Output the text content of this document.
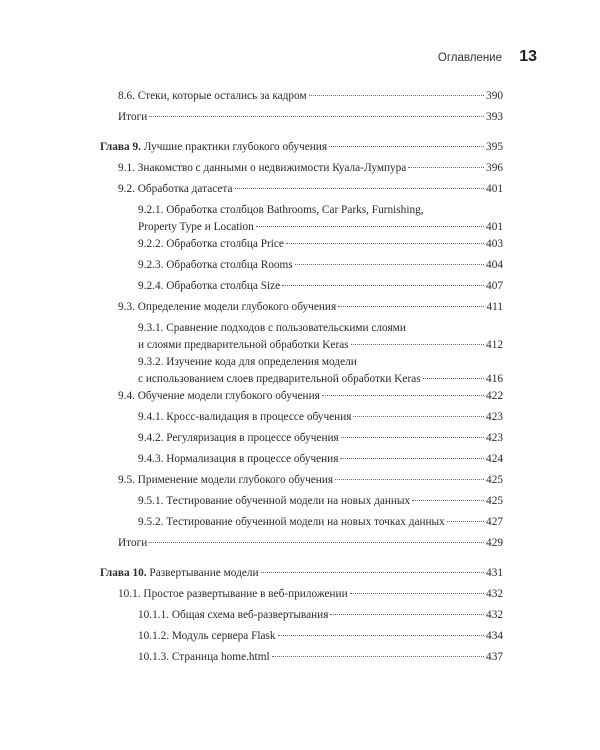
Оглавление 13
8.6. Стеки, которые остались за кадром	390
Итоги	393
Глава 9. Лучшие практики глубокого обучения	395
9.1. Знакомство с данными о недвижимости Куала-Лумпура	396
9.2. Обработка датасета	401
9.2.1. Обработка столбцов Bathrooms, Car Parks, Furnishing,
Property Type и Location	401
9.2.2. Обработка столбца Price	403
9.2.3. Обработка столбца Rooms	404
9.2.4. Обработка столбца Size	407
9.3. Определение модели глубокого обучения	411
9.3.1. Сравнение подходов с пользовательскими слоями
и слоями предварительной обработки Keras	412
9.3.2. Изучение кода для определения модели
с использованием слоев предварительной обработки Keras	416
9.4. Обучение модели глубокого обучения	422
9.4.1. Кросс-валидация в процессе обучения	423
9.4.2. Регуляризация в процессе обучения	423
9.4.3. Нормализация в процессе обучения	424
9.5. Применение модели глубокого обучения	425
9.5.1. Тестирование обученной модели на новых данных	425
9.5.2. Тестирование обученной модели на новых точках данных	427
Итоги	429
Глава 10. Развертывание модели	431
10.1. Простое развертывание в веб-приложении	432
10.1.1. Общая схема веб-развертывания	432
10.1.2. Модуль сервера Flask	434
10.1.3. Страница home.html	437
